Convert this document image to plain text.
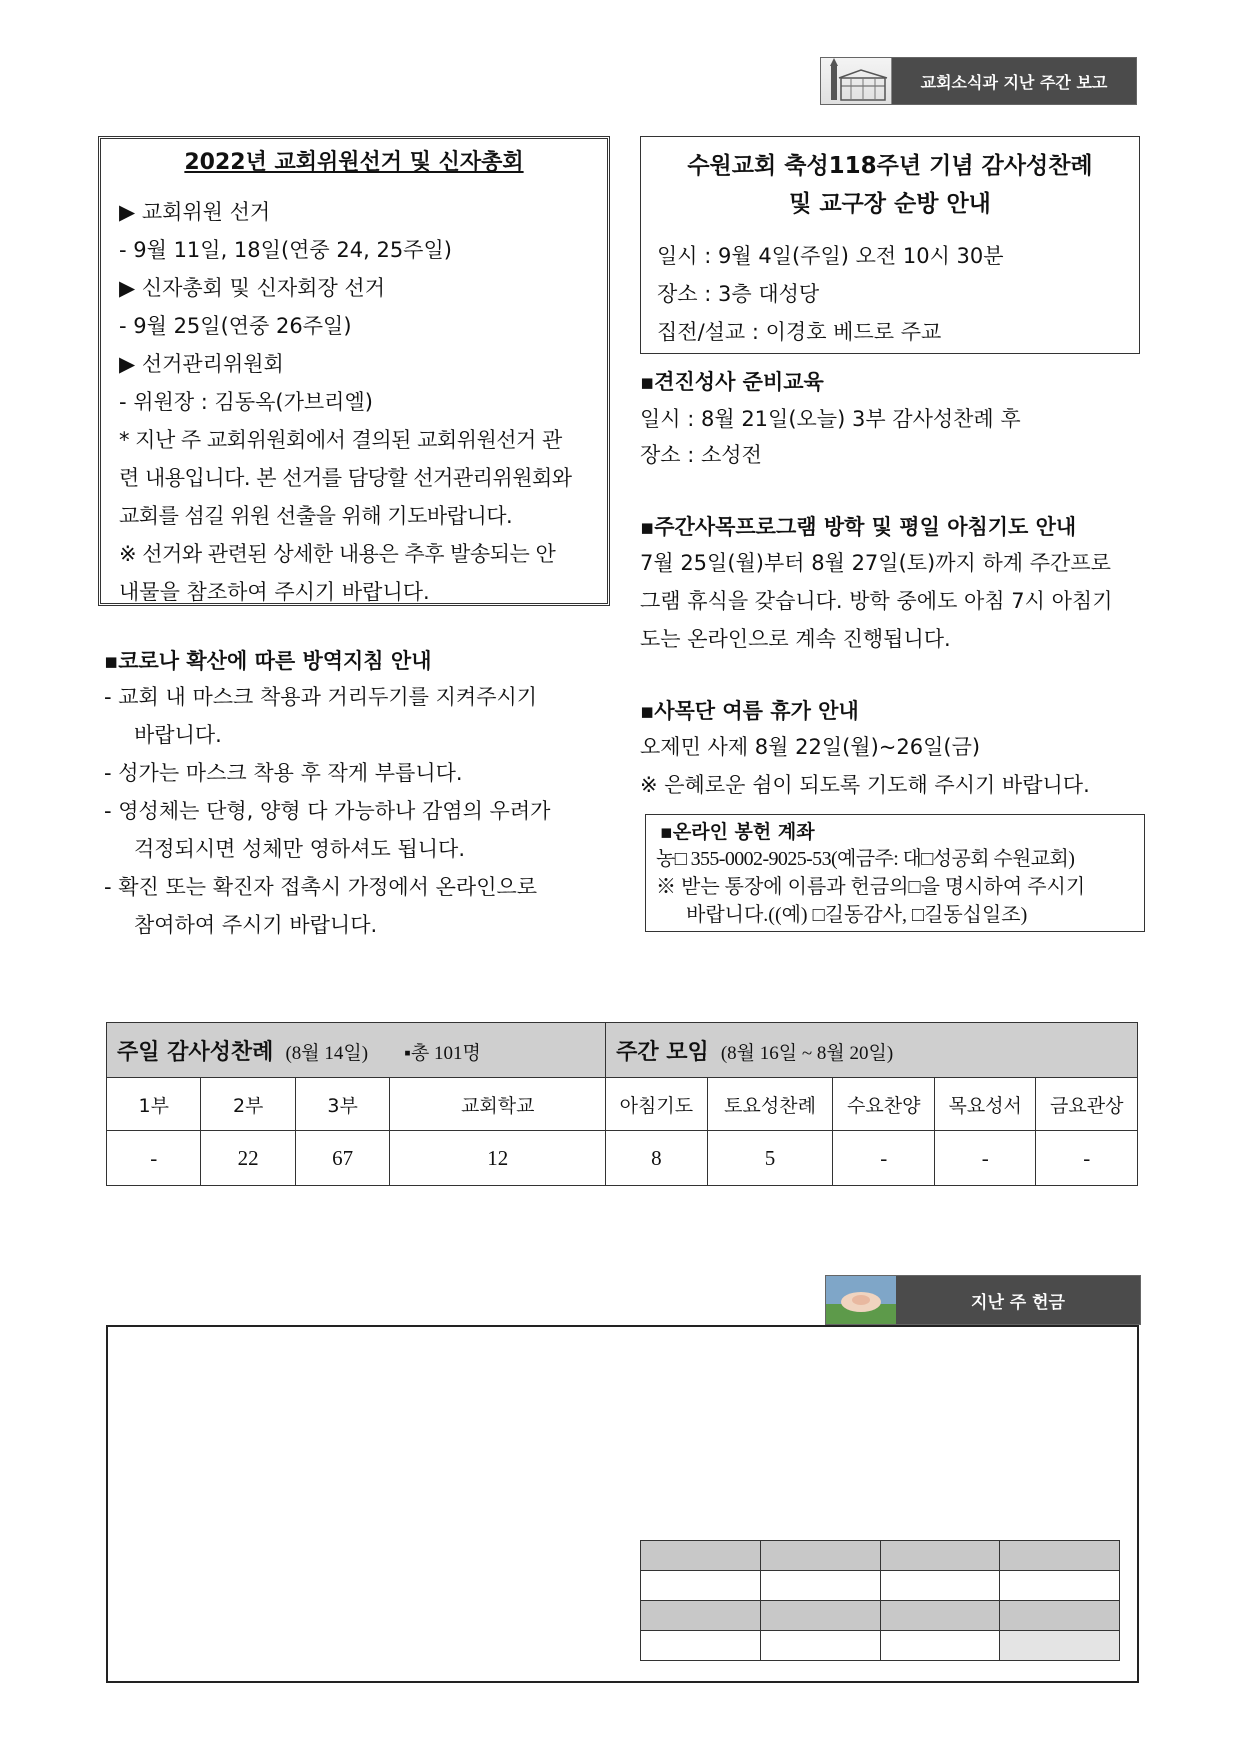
교회소식과 지난 주간 보고
2022년 교회위원선거 및 신자총회
▶ 교회위원 선거
- 9월 11일, 18일(연중 24, 25주일)
▶ 신자총회 및 신자회장 선거
- 9월 25일(연중 26주일)
▶ 선거관리위원회
- 위원장 : 김동옥(가브리엘)
* 지난 주 교회위원회에서 결의된 교회위원선거 관
련 내용입니다. 본 선거를 담당할 선거관리위원회와
교회를 섬길 위원 선출을 위해 기도바랍니다.
※ 선거와 관련된 상세한 내용은 추후 발송되는 안
내물을 참조하여 주시기 바랍니다.
수원교회 축성118주년 기념 감사성찬례
및 교구장 순방 안내
일시 : 9월 4일(주일) 오전 10시 30분
장소 : 3층 대성당
집전/설교 : 이경호 베드로 주교
▪견진성사 준비교육
일시 : 8월 21일(오늘) 3부 감사성찬례 후
장소 : 소성전
▪주간사목프로그램 방학 및 평일 아침기도 안내
7월 25일(월)부터 8월 27일(토)까지 하계 주간프로
그램 휴식을 갖습니다. 방학 중에도 아침 7시 아침기
도는 온라인으로 계속 진행됩니다.
▪사목단 여름 휴가 안내
오제민 사제 8월 22일(월)~26일(금)
※ 은혜로운 쉼이 되도록 기도해 주시기 바랍니다.
▪온라인 봉헌 계좌
농□ 355-0002-9025-53(예금주: 대□성공회 수원교회)
※ 받는 통장에 이름과 헌금의□을 명시하여 주시기
바랍니다.((예) □길동감사, □길동십일조)
▪코로나 확산에 따른 방역지침 안내
- 교회 내 마스크 착용과 거리두기를 지켜주시기
바랍니다.
- 성가는 마스크 착용 후 작게 부릅니다.
- 영성체는 단형, 양형 다 가능하나 감염의 우려가
걱정되시면 성체만 영하셔도 됩니다.
- 확진 또는 확진자 접촉시 가정에서 온라인으로
참여하여 주시기 바랍니다.
주일 감사성찬례 (8월 14일) ▪총 101명				주간 모임 (8월 16일 ~ 8월 20일)				
1부	2부	3부	교회학교	아침기도	토요성찬례	수요찬양	목요성서	금요관상
-	22	67	12	8	5	-	-	-
지난 주 헌금
